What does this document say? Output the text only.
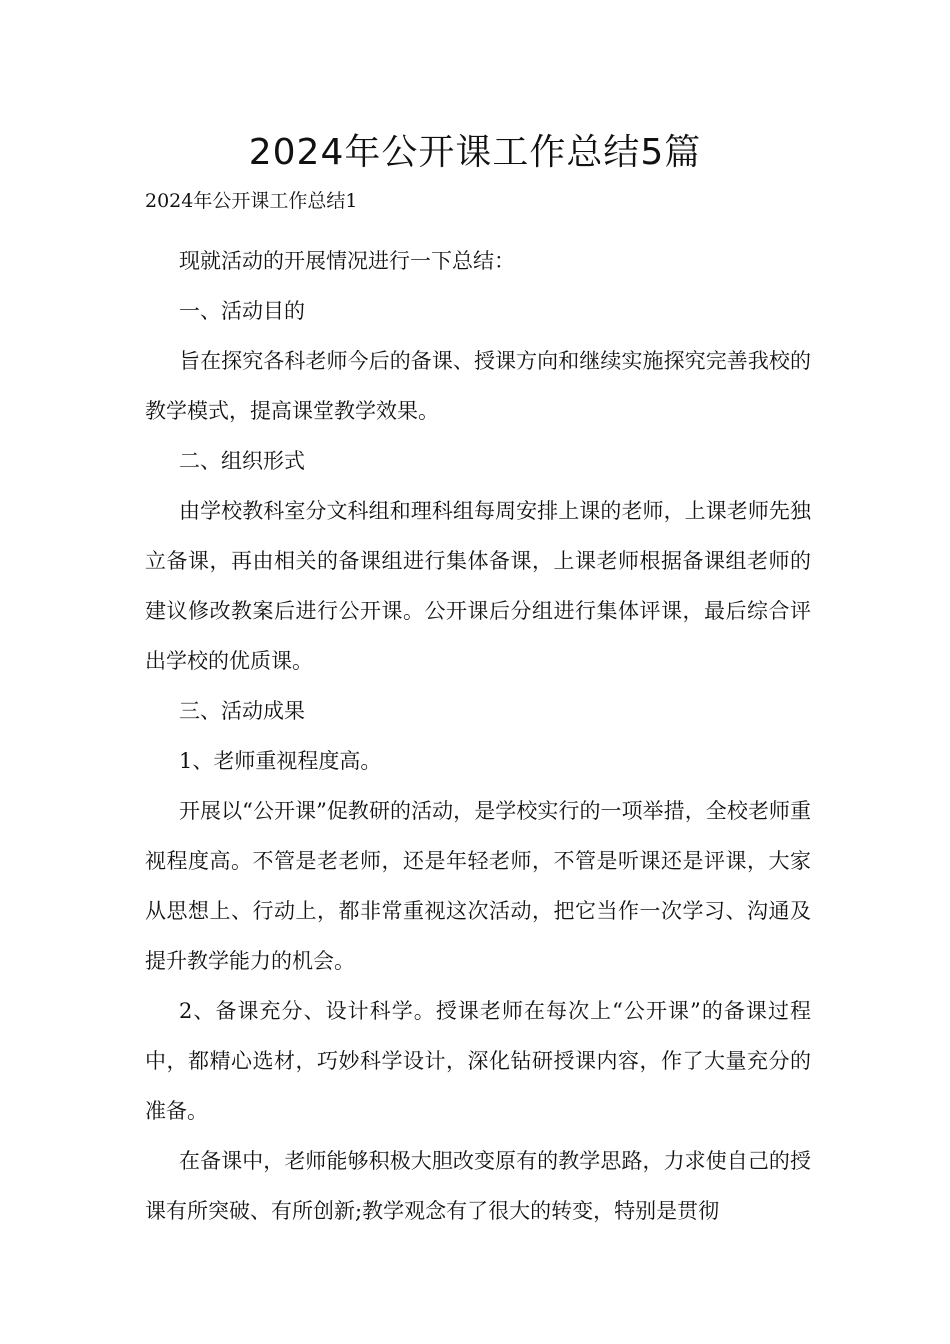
2024年公开课工作总结5篇

2024年公开课工作总结1

现就活动的开展情况进行一下总结：

一、活动目的

旨在探究各科老师今后的备课、授课方向和继续实施探究完善我校的教学模式，提高课堂教学效果。

二、组织形式

由学校教科室分文科组和理科组每周安排上课的老师，上课老师先独立备课，再由相关的备课组进行集体备课，上课老师根据备课组老师的建议修改教案后进行公开课。公开课后分组进行集体评课，最后综合评出学校的优质课。

三、活动成果

1、老师重视程度高。

开展以“公开课”促教研的活动，是学校实行的一项举措，全校老师重视程度高。不管是老老师，还是年轻老师，不管是听课还是评课，大家从思想上、行动上，都非常重视这次活动，把它当作一次学习、沟通及提升教学能力的机会。

2、备课充分、设计科学。授课老师在每次上“公开课”的备课过程中，都精心选材，巧妙科学设计，深化钻研授课内容，作了大量充分的准备。

在备课中，老师能够积极大胆改变原有的教学思路，力求使自己的授课有所突破、有所创新;教学观念有了很大的转变，特别是贯彻
